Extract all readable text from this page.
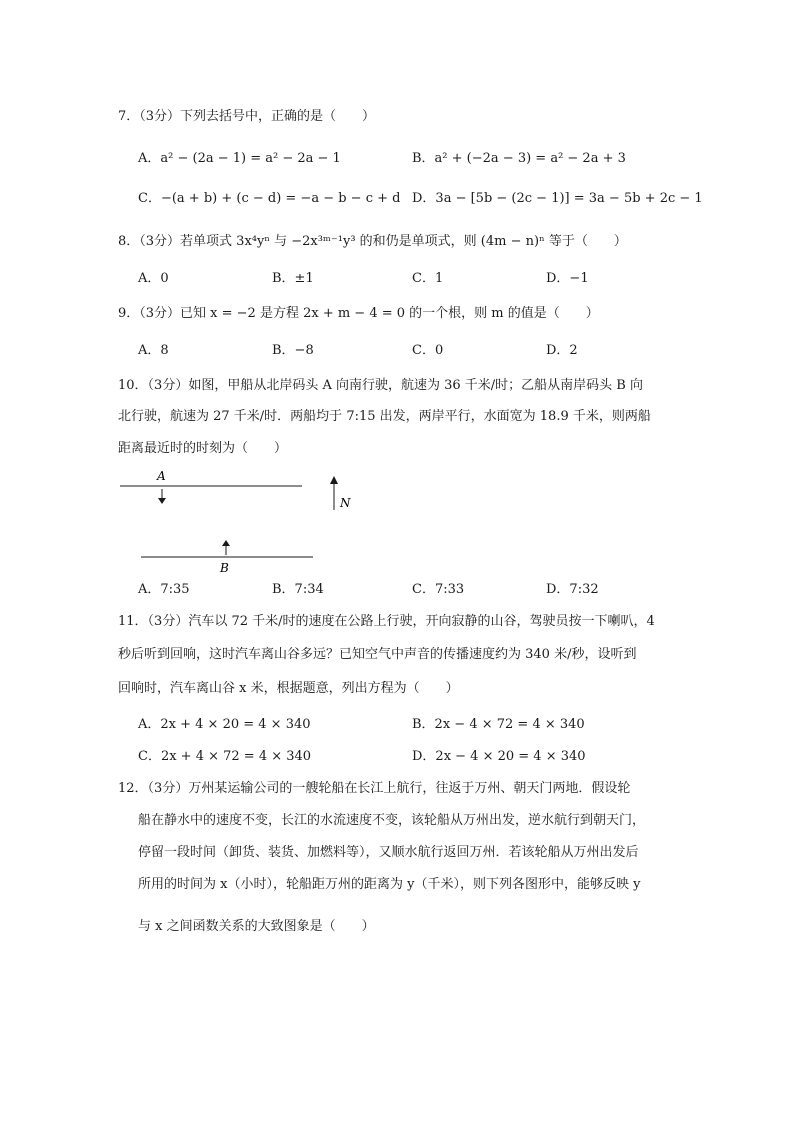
7．（3分）下列去括号中，正确的是（　　）
A．a² − (2a − 1) = a² − 2a − 1	B．a² + (−2a − 3) = a² − 2a + 3
C．−(a + b) + (c − d) = −a − b − c + d D．3a − [5b − (2c − 1)] = 3a − 5b + 2c − 1
8．（3分）若单项式 3x⁴yⁿ 与 −2x³ᵐ⁻¹y³ 的和仍是单项式，则 (4m − n)ⁿ 等于（　　）
A．0	B．±1	C．1	D．−1
9．（3分）已知 x = −2 是方程 2x + m − 4 = 0 的一个根，则 m 的值是（　　）
A．8	B．−8	C．0	D．2
10．（3分）如图，甲船从北岸码头 A 向南行驶，航速为 36 千米/时；乙船从南岸码头 B 向
北行驶，航速为 27 千米/时．两船均于 7:15 出发，两岸平行，水面宽为 18.9 千米，则两船
距离最近时的时刻为（　　）
A
N
B
A．7:35	B．7:34	C．7:33	D．7:32
11．（3分）汽车以 72 千米/时的速度在公路上行驶，开向寂静的山谷，驾驶员按一下喇叭，4
秒后听到回响，这时汽车离山谷多远？已知空气中声音的传播速度约为 340 米/秒，设听到
回响时，汽车离山谷 x 米，根据题意，列出方程为（　　）
A．2x + 4 × 20 = 4 × 340	B．2x − 4 × 72 = 4 × 340
C．2x + 4 × 72 = 4 × 340	D．2x − 4 × 20 = 4 × 340
12．（3分）万州某运输公司的一艘轮船在长江上航行，往返于万州、朝天门两地．假设轮
船在静水中的速度不变，长江的水流速度不变，该轮船从万州出发，逆水航行到朝天门，
停留一段时间（卸货、装货、加燃料等），又顺水航行返回万州．若该轮船从万州出发后
所用的时间为 x（小时），轮船距万州的距离为 y（千米），则下列各图形中，能够反映 y
与 x 之间函数关系的大致图象是（　　）
